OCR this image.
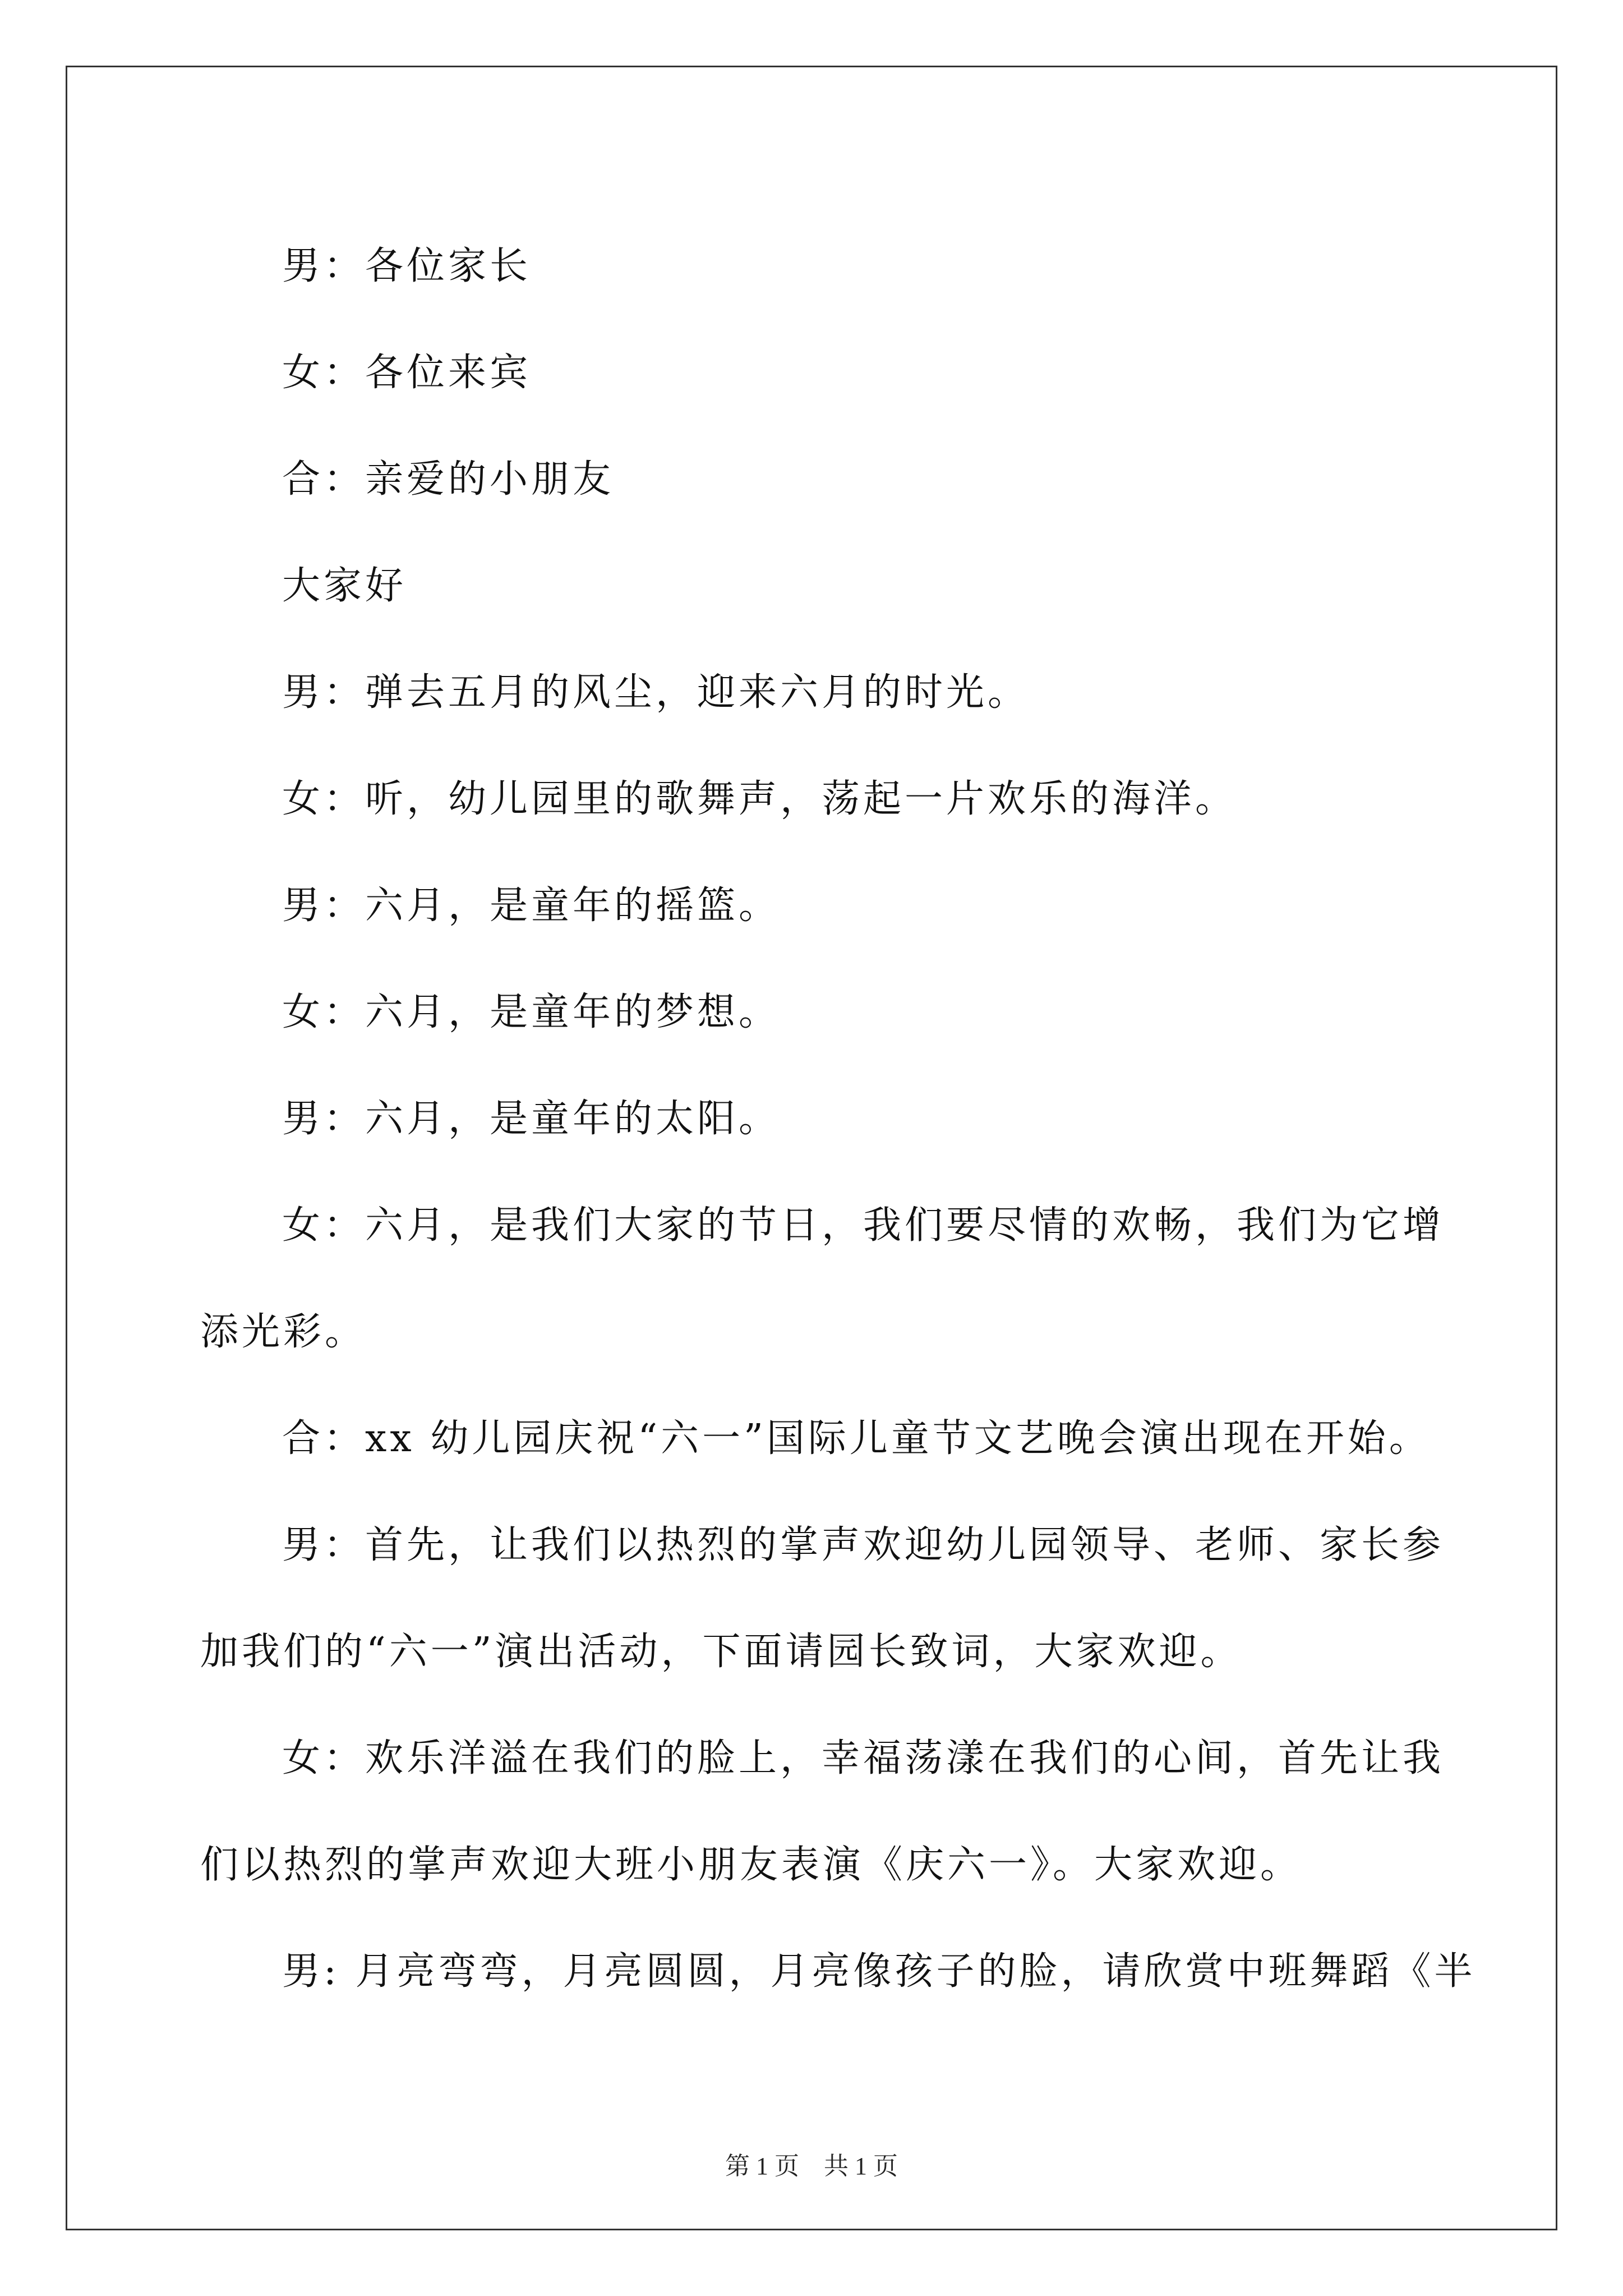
男：各位家长
女：各位来宾
合：亲爱的小朋友
大家好
男：弹去五月的风尘，迎来六月的时光。
女：听，幼儿园里的歌舞声，荡起一片欢乐的海洋。
男：六月，是童年的摇篮。
女：六月，是童年的梦想。
男：六月，是童年的太阳。
女：六月，是我们大家的节日，我们要尽情的欢畅，我们为它增
添光彩。
合：xx 幼儿园庆祝“六一”国际儿童节文艺晚会演出现在开始。
男：首先，让我们以热烈的掌声欢迎幼儿园领导、老师、家长参
加我们的“六一”演出活动，下面请园长致词，大家欢迎。
女：欢乐洋溢在我们的脸上，幸福荡漾在我们的心间，首先让我
们以热烈的掌声欢迎大班小朋友表演《庆六一》。大家欢迎。
男: 月亮弯弯，月亮圆圆，月亮像孩子的脸，请欣赏中班舞蹈《半
第 1 页　共 1 页
